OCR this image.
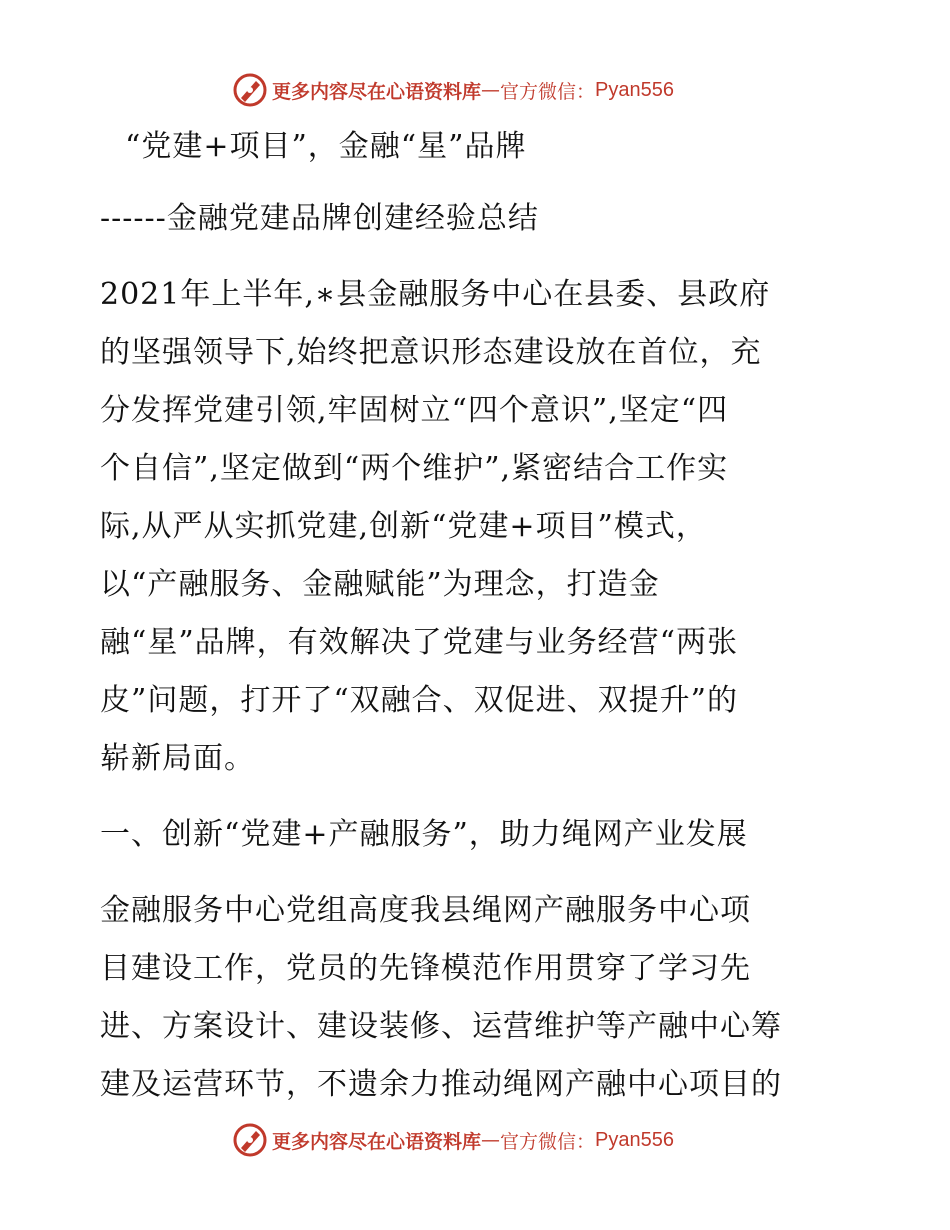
更多内容尽在心语资料库 — 官方微信： Pyan556
“党建+项目”，金融“星”品牌
------金融党建品牌创建经验总结
2021年上半年,∗县金融服务中心在县委、县政府
的坚强领导下,始终把意识形态建设放在首位，充
分发挥党建引领,牢固树立“四个意识”,坚定“四
个自信”,坚定做到“两个维护”,紧密结合工作实
际,从严从实抓党建,创新“党建+项目”模式，
以“产融服务、金融赋能”为理念，打造金
融“星”品牌，有效解决了党建与业务经营“两张
皮”问题，打开了“双融合、双促进、双提升”的
崭新局面。
一、创新“党建+产融服务”，助力绳网产业发展
金融服务中心党组高度我县绳网产融服务中心项
目建设工作，党员的先锋模范作用贯穿了学习先
进、方案设计、建设装修、运营维护等产融中心筹
建及运营环节，不遗余力推动绳网产融中心项目的
更多内容尽在心语资料库 — 官方微信： Pyan556
